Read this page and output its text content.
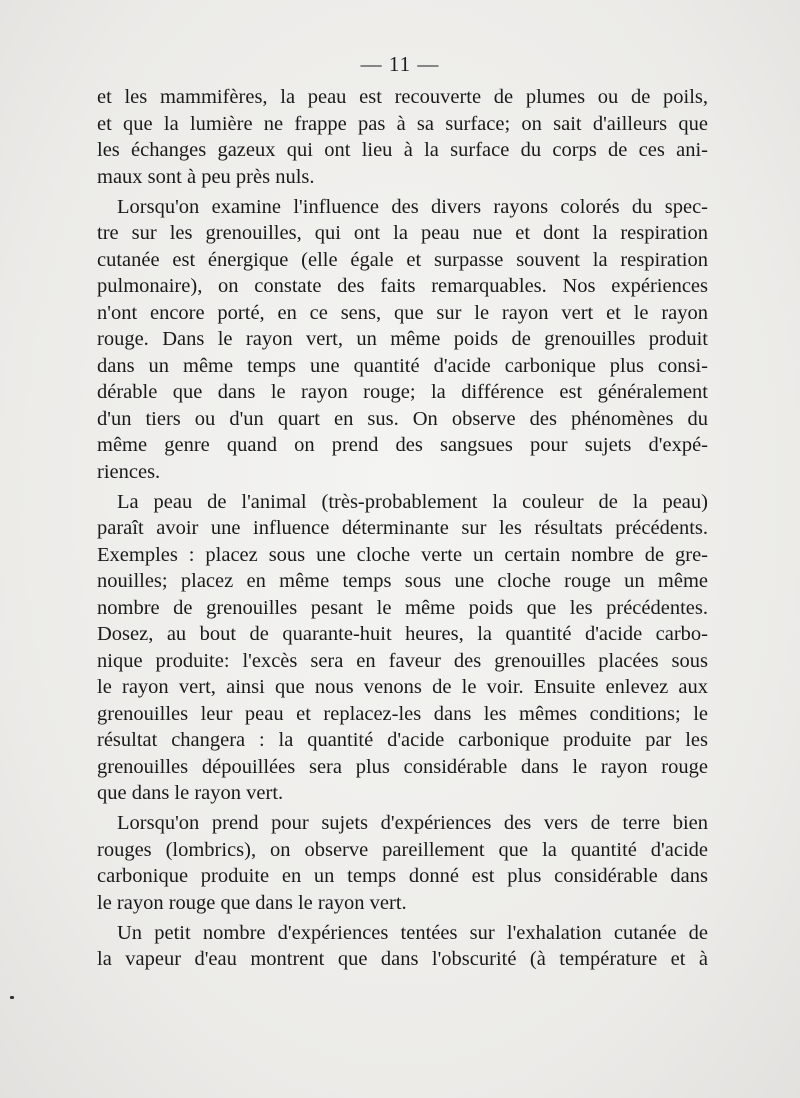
— 11 —

et les mammifères, la peau est recouverte de plumes ou de poils,
et que la lumière ne frappe pas à sa surface; on sait d'ailleurs que
les échanges gazeux qui ont lieu à la surface du corps de ces ani-
maux sont à peu près nuls.

Lorsqu'on examine l'influence des divers rayons colorés du spec-
tre sur les grenouilles, qui ont la peau nue et dont la respiration
cutanée est énergique (elle égale et surpasse souvent la respiration
pulmonaire), on constate des faits remarquables. Nos expériences
n'ont encore porté, en ce sens, que sur le rayon vert et le rayon
rouge. Dans le rayon vert, un même poids de grenouilles produit
dans un même temps une quantité d'acide carbonique plus consi-
dérable que dans le rayon rouge; la différence est généralement
d'un tiers ou d'un quart en sus. On observe des phénomènes du
même genre quand on prend des sangsues pour sujets d'expé-
riences.

La peau de l'animal (très-probablement la couleur de la peau)
paraît avoir une influence déterminante sur les résultats précédents.
Exemples : placez sous une cloche verte un certain nombre de gre-
nouilles; placez en même temps sous une cloche rouge un même
nombre de grenouilles pesant le même poids que les précédentes.
Dosez, au bout de quarante-huit heures, la quantité d'acide carbo-
nique produite: l'excès sera en faveur des grenouilles placées sous
le rayon vert, ainsi que nous venons de le voir. Ensuite enlevez aux
grenouilles leur peau et replacez-les dans les mêmes conditions; le
résultat changera : la quantité d'acide carbonique produite par les
grenouilles dépouillées sera plus considérable dans le rayon rouge
que dans le rayon vert.

Lorsqu'on prend pour sujets d'expériences des vers de terre bien
rouges (lombrics), on observe pareillement que la quantité d'acide
carbonique produite en un temps donné est plus considérable dans
le rayon rouge que dans le rayon vert.

Un petit nombre d'expériences tentées sur l'exhalation cutanée de
la vapeur d'eau montrent que dans l'obscurité (à température et à
